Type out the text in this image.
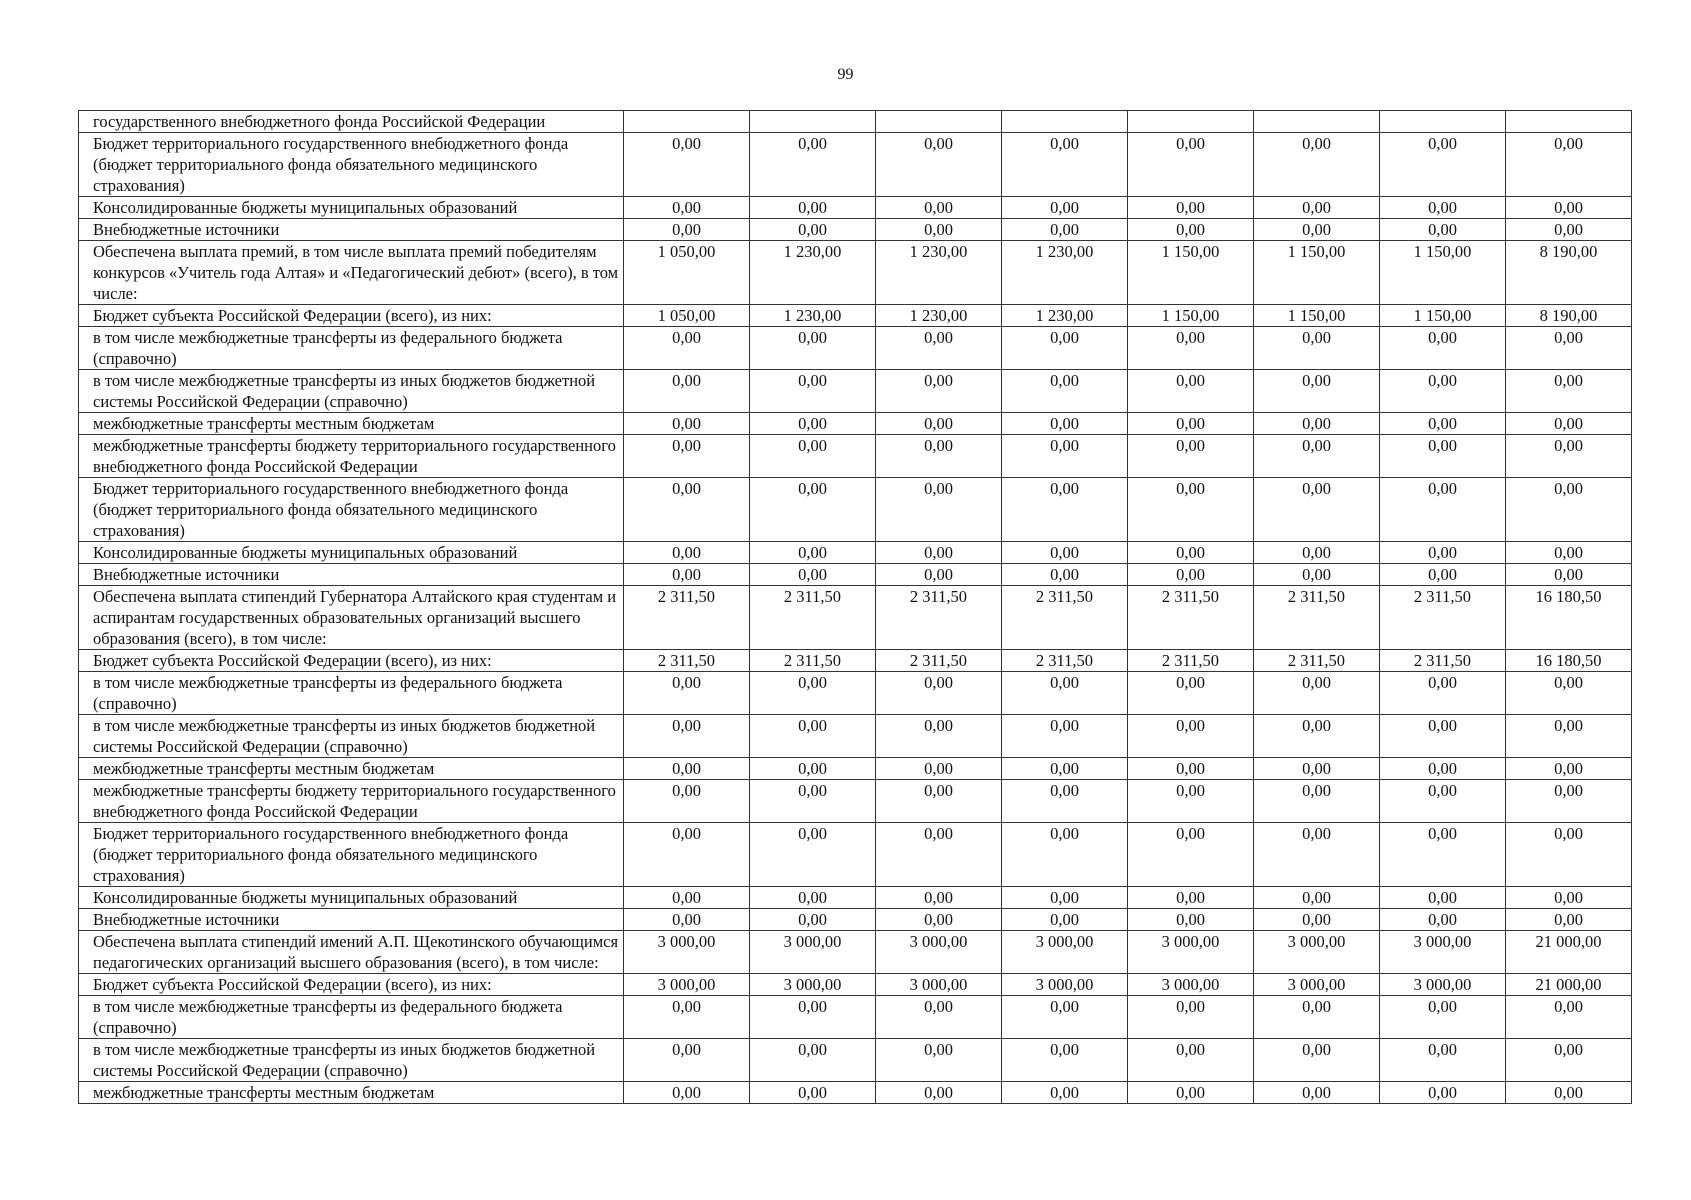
99
государственного внебюджетного фонда Российской Федерации								
Бюджет территориального государственного внебюджетного фонда (бюджет территориального фонда обязательного медицинского страхования)	0,00	0,00	0,00	0,00	0,00	0,00	0,00	0,00
Консолидированные бюджеты муниципальных образований	0,00	0,00	0,00	0,00	0,00	0,00	0,00	0,00
Внебюджетные источники	0,00	0,00	0,00	0,00	0,00	0,00	0,00	0,00
Обеспечена выплата премий, в том числе выплата премий победителям конкурсов «Учитель года Алтая» и «Педагогический дебют» (всего), в том числе:	1 050,00	1 230,00	1 230,00	1 230,00	1 150,00	1 150,00	1 150,00	8 190,00
Бюджет субъекта Российской Федерации (всего), из них:	1 050,00	1 230,00	1 230,00	1 230,00	1 150,00	1 150,00	1 150,00	8 190,00
в том числе межбюджетные трансферты из федерального бюджета (справочно)	0,00	0,00	0,00	0,00	0,00	0,00	0,00	0,00
в том числе межбюджетные трансферты из иных бюджетов бюджетной системы Российской Федерации (справочно)	0,00	0,00	0,00	0,00	0,00	0,00	0,00	0,00
межбюджетные трансферты местным бюджетам	0,00	0,00	0,00	0,00	0,00	0,00	0,00	0,00
межбюджетные трансферты бюджету территориального государственного внебюджетного фонда Российской Федерации	0,00	0,00	0,00	0,00	0,00	0,00	0,00	0,00
Бюджет территориального государственного внебюджетного фонда (бюджет территориального фонда обязательного медицинского страхования)	0,00	0,00	0,00	0,00	0,00	0,00	0,00	0,00
Консолидированные бюджеты муниципальных образований	0,00	0,00	0,00	0,00	0,00	0,00	0,00	0,00
Внебюджетные источники	0,00	0,00	0,00	0,00	0,00	0,00	0,00	0,00
Обеспечена выплата стипендий Губернатора Алтайского края студентам и аспирантам государственных образовательных организаций высшего образования (всего), в том числе:	2 311,50	2 311,50	2 311,50	2 311,50	2 311,50	2 311,50	2 311,50	16 180,50
Бюджет субъекта Российской Федерации (всего), из них:	2 311,50	2 311,50	2 311,50	2 311,50	2 311,50	2 311,50	2 311,50	16 180,50
в том числе межбюджетные трансферты из федерального бюджета (справочно)	0,00	0,00	0,00	0,00	0,00	0,00	0,00	0,00
в том числе межбюджетные трансферты из иных бюджетов бюджетной системы Российской Федерации (справочно)	0,00	0,00	0,00	0,00	0,00	0,00	0,00	0,00
межбюджетные трансферты местным бюджетам	0,00	0,00	0,00	0,00	0,00	0,00	0,00	0,00
межбюджетные трансферты бюджету территориального государственного внебюджетного фонда Российской Федерации	0,00	0,00	0,00	0,00	0,00	0,00	0,00	0,00
Бюджет территориального государственного внебюджетного фонда (бюджет территориального фонда обязательного медицинского страхования)	0,00	0,00	0,00	0,00	0,00	0,00	0,00	0,00
Консолидированные бюджеты муниципальных образований	0,00	0,00	0,00	0,00	0,00	0,00	0,00	0,00
Внебюджетные источники	0,00	0,00	0,00	0,00	0,00	0,00	0,00	0,00
Обеспечена выплата стипендий имений А.П. Щекотинского обучающимся педагогических организаций высшего образования (всего), в том числе:	3 000,00	3 000,00	3 000,00	3 000,00	3 000,00	3 000,00	3 000,00	21 000,00
Бюджет субъекта Российской Федерации (всего), из них:	3 000,00	3 000,00	3 000,00	3 000,00	3 000,00	3 000,00	3 000,00	21 000,00
в том числе межбюджетные трансферты из федерального бюджета (справочно)	0,00	0,00	0,00	0,00	0,00	0,00	0,00	0,00
в том числе межбюджетные трансферты из иных бюджетов бюджетной системы Российской Федерации (справочно)	0,00	0,00	0,00	0,00	0,00	0,00	0,00	0,00
межбюджетные трансферты местным бюджетам	0,00	0,00	0,00	0,00	0,00	0,00	0,00	0,00
